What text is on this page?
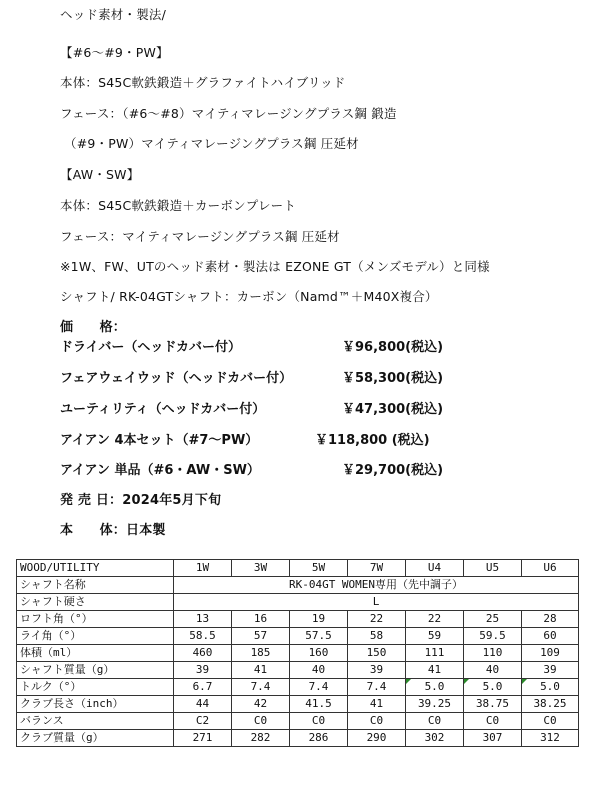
ヘッド素材・製法/
【#6～#9・PW】
本体：S45C軟鉄鍛造＋グラファイトハイブリッド
フェース：（#6～#8）マイティマレージングプラス鋼 鍛造
（#9・PW）マイティマレージングプラス鋼 圧延材
【AW・SW】
本体：S45C軟鉄鍛造＋カーボンプレート
フェース：マイティマレージングプラス鋼 圧延材
※1W、FW、UTのヘッド素材・製法は EZONE GT（メンズモデル）と同様
シャフト/ RK-04GTシャフト：カーボン（Namd™＋M40X複合）
価　　格：
ドライバー（ヘッドカバー付）	￥96,800(税込)
フェアウェイウッド（ヘッドカバー付）	￥58,300(税込)
ユーティリティ（ヘッドカバー付）	￥47,300(税込)
アイアン 4本セット（#7～PW）	￥118,800 (税込)
アイアン 単品（#6・AW・SW）	￥29,700(税込)
発 売 日：2024年5月下旬
本　　体：日本製
WOOD/UTILITY	1W	3W	5W	7W	U4	U5	U6
シャフト名称	RK-04GT WOMEN専用（先中調子）						
シャフト硬さ	L						
ロフト角（°）	13	16	19	22	22	25	28
ライ角（°）	58.5	57	57.5	58	59	59.5	60
体積（ml）	460	185	160	150	111	110	109
シャフト質量（g）	39	41	40	39	41	40	39
トルク（°）	6.7	7.4	7.4	7.4	5.0	5.0	5.0
クラブ長さ（inch）	44	42	41.5	41	39.25	38.75	38.25
バランス	C2	C0	C0	C0	C0	C0	C0
クラブ質量（g）	271	282	286	290	302	307	312
